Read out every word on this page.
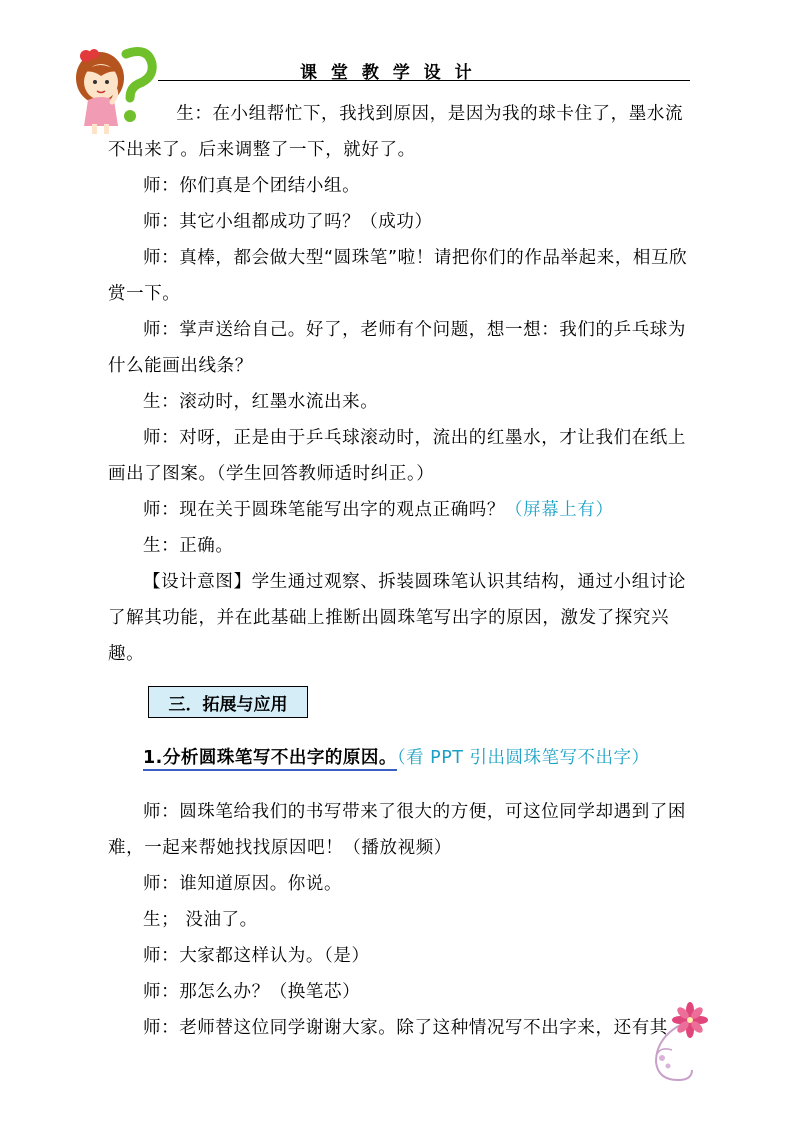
课 堂 教 学 设 计

生：在小组帮忙下，我找到原因，是因为我的球卡住了，墨水流不出来了。后来调整了一下，就好了。

师：你们真是个团结小组。

师：其它小组都成功了吗？（成功）

师：真棒，都会做大型“圆珠笔”啦！请把你们的作品举起来，相互欣赏一下。

师：掌声送给自己。好了，老师有个问题，想一想：我们的乒乓球为什么能画出线条？

生：滚动时，红墨水流出来。

师：对呀，正是由于乒乓球滚动时，流出的红墨水，才让我们在纸上画出了图案。（学生回答教师适时纠正。）

师：现在关于圆珠笔能写出字的观点正确吗？（屏幕上有）

生：正确。

【设计意图】学生通过观察、拆装圆珠笔认识其结构，通过小组讨论了解其功能，并在此基础上推断出圆珠笔写出字的原因，激发了探究兴趣。

三．拓展与应用

1.分析圆珠笔写不出字的原因。（看 PPT 引出圆珠笔写不出字）

师：圆珠笔给我们的书写带来了很大的方便，可这位同学却遇到了困难，一起来帮她找找原因吧！（播放视频）

师：谁知道原因。你说。

生； 没油了。

师：大家都这样认为。（是）

师：那怎么办？（换笔芯）

师：老师替这位同学谢谢大家。除了这种情况写不出字来，还有其
